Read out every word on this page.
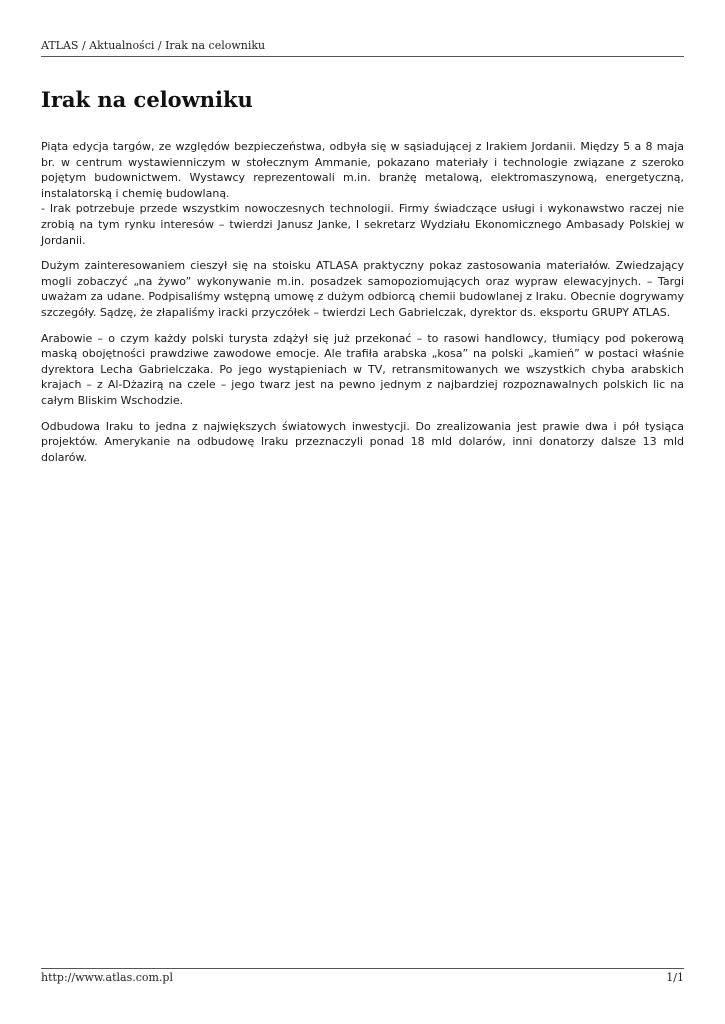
ATLAS / Aktualności / Irak na celowniku
Irak na celowniku

Piąta edycja targów, ze względów bezpieczeństwa, odbyła się w sąsiadującej z Irakiem Jordanii. Między 5 a 8 maja br. w centrum wystawienniczym w stołecznym Ammanie, pokazano materiały i technologie związane z szeroko pojętym budownictwem. Wystawcy reprezentowali m.in. branżę metalową, elektromaszynową, energetyczną, instalatorską i chemię budowlaną.
- Irak potrzebuje przede wszystkim nowoczesnych technologii. Firmy świadczące usługi i wykonawstwo raczej nie zrobią na tym rynku interesów – twierdzi Janusz Janke, I sekretarz Wydziału Ekonomicznego Ambasady Polskiej w Jordanii.

Dużym zainteresowaniem cieszył się na stoisku ATLASA praktyczny pokaz zastosowania materiałów. Zwiedzający mogli zobaczyć „na żywo” wykonywanie m.in. posadzek samopoziomujących oraz wypraw elewacyjnych. – Targi uważam za udane. Podpisaliśmy wstępną umowę z dużym odbiorcą chemii budowlanej z Iraku. Obecnie dogrywamy szczegóły. Sądzę, że złapaliśmy iracki przyczółek – twierdzi Lech Gabrielczak, dyrektor ds. eksportu GRUPY ATLAS.

Arabowie – o czym każdy polski turysta zdążył się już przekonać – to rasowi handlowcy, tłumiący pod pokerową maską obojętności prawdziwe zawodowe emocje. Ale trafiła arabska „kosa” na polski „kamień” w postaci właśnie dyrektora Lecha Gabrielczaka. Po jego wystąpieniach w TV, retransmitowanych we wszystkich chyba arabskich krajach – z Al-Dżazirą na czele – jego twarz jest na pewno jednym z najbardziej rozpoznawalnych polskich lic na całym Bliskim Wschodzie.

Odbudowa Iraku to jedna z największych światowych inwestycji. Do zrealizowania jest prawie dwa i pół tysiąca projektów. Amerykanie na odbudowę Iraku przeznaczyli ponad 18 mld dolarów, inni donatorzy dalsze 13 mld dolarów.

http://www.atlas.com.pl	1/1
